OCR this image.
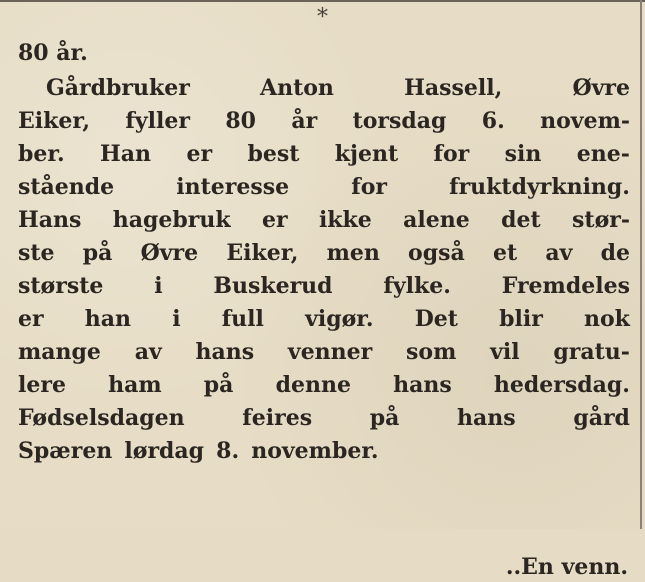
*
80 år.
Gårdbruker	Anton	Hassell,	Øvre
Eiker, fyller 80 år torsdag 6. novem-
ber. Han er best kjent for sin ene-
stående	interesse	for	fruktdyrkning.
Hans hagebruk er ikke alene det stør-
ste på Øvre Eiker, men også et av de
største i Buskerud fylke. Fremdeles
er han i full vigør. Det blir nok
mange av hans venner som vil gratu-
lere ham på denne hans hedersdag.
Fødselsdagen	feires	på	hans	gård
Spæren lørdag 8. november.
..En venn.
